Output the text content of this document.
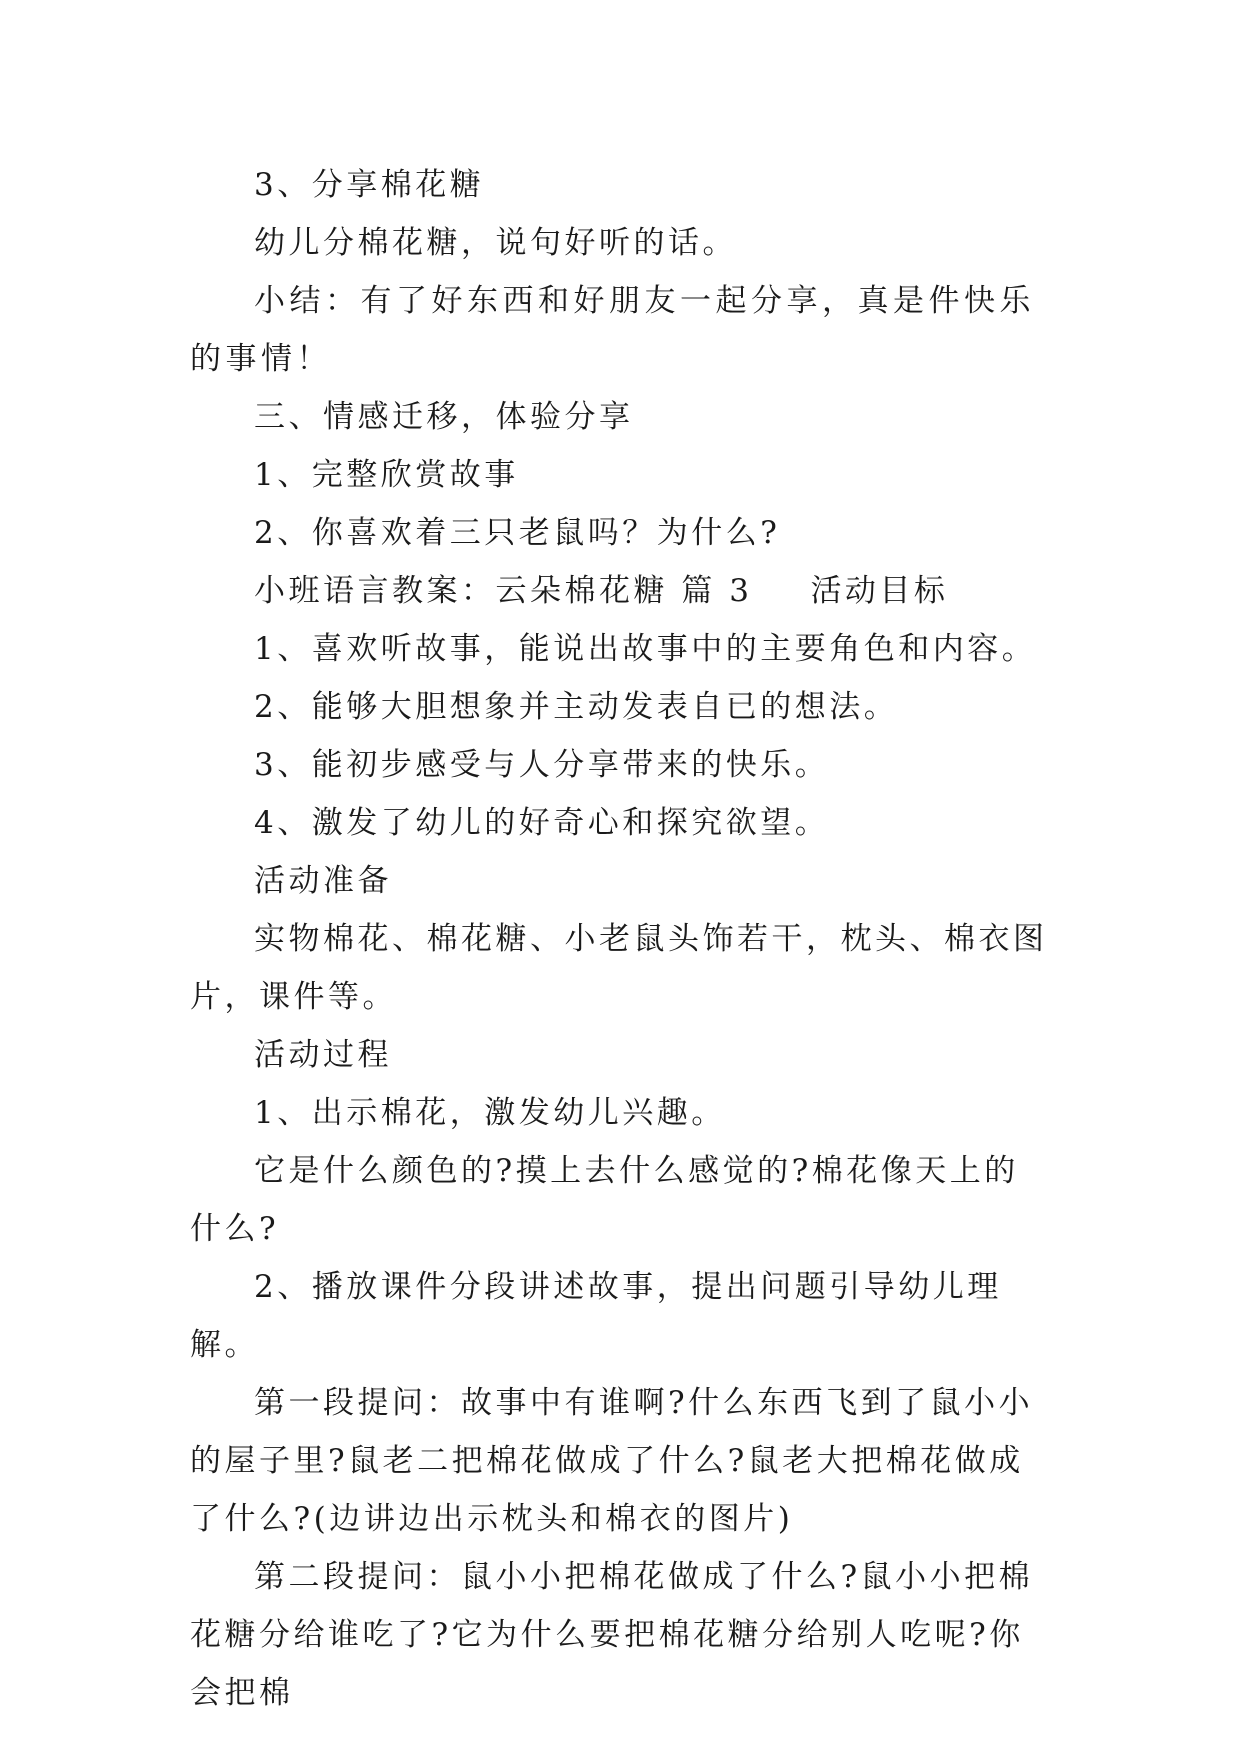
3、分享棉花糖

幼儿分棉花糖，说句好听的话。

小结：有了好东西和好朋友一起分享，真是件快乐的事情！

三、情感迁移，体验分享

1、完整欣赏故事

2、你喜欢着三只老鼠吗？为什么?

小班语言教案：云朵棉花糖 篇 3 活动目标

1、喜欢听故事，能说出故事中的主要角色和内容。

2、能够大胆想象并主动发表自已的想法。

3、能初步感受与人分享带来的快乐。

4、激发了幼儿的好奇心和探究欲望。

活动准备

实物棉花、棉花糖、小老鼠头饰若干，枕头、棉衣图片，课件等。

活动过程

1、出示棉花，激发幼儿兴趣。

它是什么颜色的?摸上去什么感觉的?棉花像天上的什么?

2、播放课件分段讲述故事，提出问题引导幼儿理解。

第一段提问：故事中有谁啊?什么东西飞到了鼠小小的屋子里?鼠老二把棉花做成了什么?鼠老大把棉花做成了什么?(边讲边出示枕头和棉衣的图片)

第二段提问：鼠小小把棉花做成了什么?鼠小小把棉花糖分给谁吃了?它为什么要把棉花糖分给别人吃呢?你会把棉
